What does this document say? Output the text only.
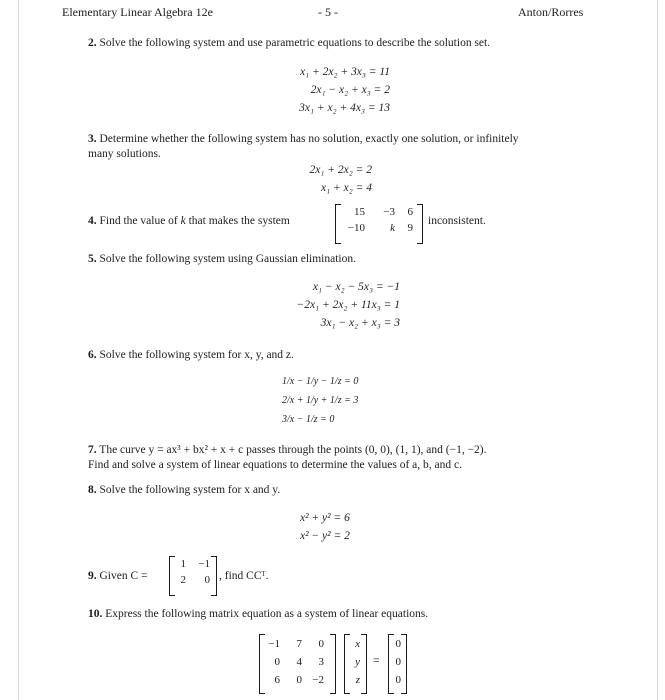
Elementary Linear Algebra 12e	- 5 -	Anton/Rorres
2. Solve the following system and use parametric equations to describe the solution set.
x₁ + 2x₂ + 3x₃ = 11
2x₁ − x₂ + x₃ = 2
3x₁ + x₂ + 4x₃ = 13
3. Determine whether the following system has no solution, exactly one solution, or infinitely
many solutions.
2x₁ + 2x₂ = 2
x₁ + x₂ = 4
4. Find the value of k that makes the system
15	−3	6
−10	k	9
inconsistent.
5. Solve the following system using Gaussian elimination.
x₁ − x₂ − 5x₃ = −1
−2x₁ + 2x₂ + 11x₃ = 1
3x₁ − x₂ + x₃ = 3
6. Solve the following system for x, y, and z.
1/x − 1/y − 1/z = 0
2/x + 1/y + 1/z = 3
3/x − 1/z = 0
7. The curve y = ax³ + bx² + x + c passes through the points (0, 0), (1, 1), and (−1, −2).
Find and solve a system of linear equations to determine the values of a, b, and c.
8. Solve the following system for x and y.
x² + y² = 6
x² − y² = 2
9. Given C =
1	−1
2	0 , find CCᵀ.
10. Express the following matrix equation as a system of linear equations.
−1	7	0
0	4	3
6	0 −2
x
y
z
=
0
0
0
